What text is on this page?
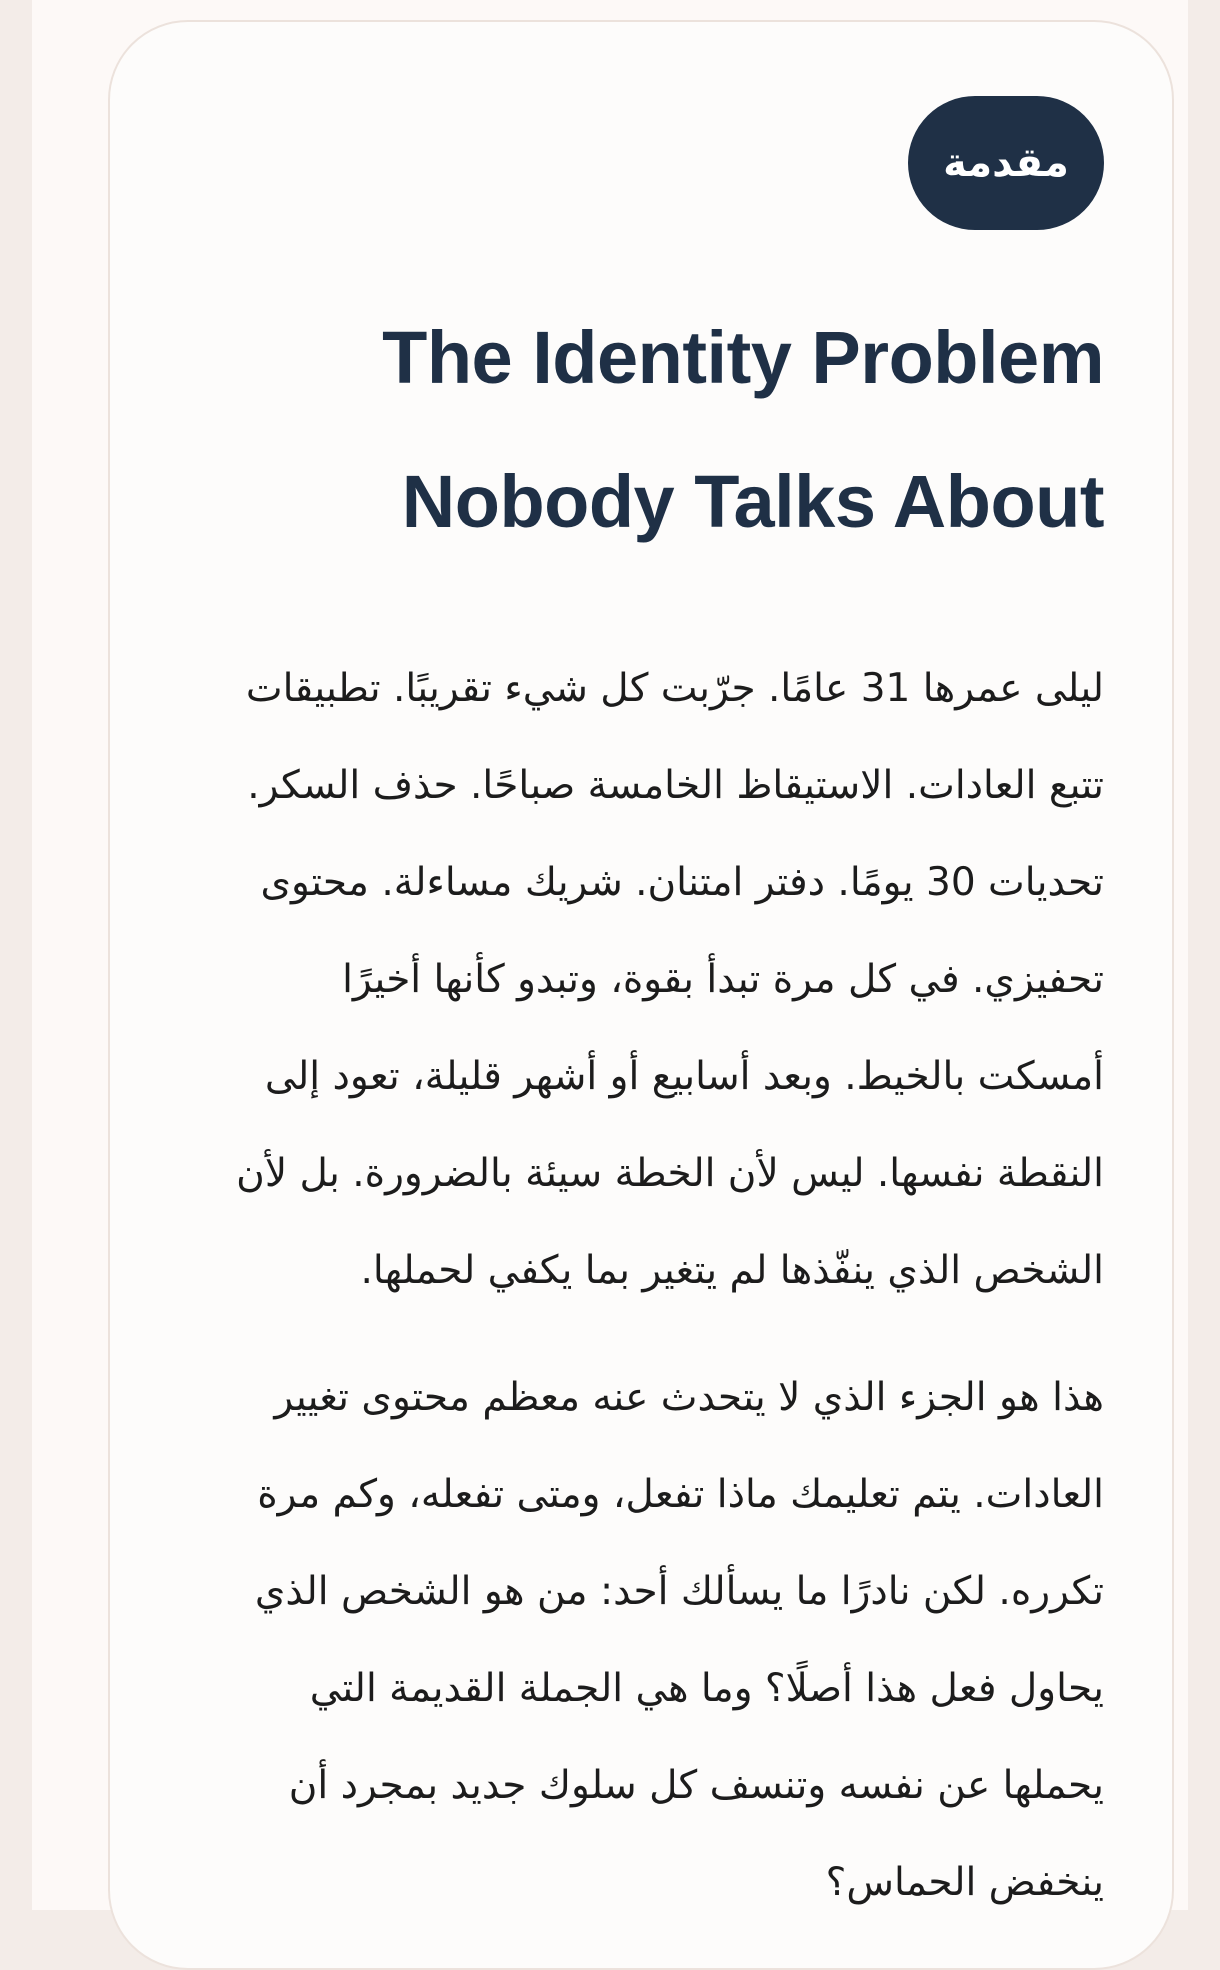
مقدمة
The Identity Problem
Nobody Talks About

ليلى عمرها 31 عامًا. جرّبت كل شيء تقريبًا. تطبيقات
تتبع العادات. الاستيقاظ الخامسة صباحًا. حذف السكر.
تحديات 30 يومًا. دفتر امتنان. شريك مساءلة. محتوى
تحفيزي. في كل مرة تبدأ بقوة، وتبدو كأنها أخيرًا
أمسكت بالخيط. وبعد أسابيع أو أشهر قليلة، تعود إلى
النقطة نفسها. ليس لأن الخطة سيئة بالضرورة. بل لأن
الشخص الذي ينفّذها لم يتغير بما يكفي لحملها.

هذا هو الجزء الذي لا يتحدث عنه معظم محتوى تغيير
العادات. يتم تعليمك ماذا تفعل، ومتى تفعله، وكم مرة
تكرره. لكن نادرًا ما يسألك أحد: من هو الشخص الذي
يحاول فعل هذا أصلًا؟ وما هي الجملة القديمة التي
يحملها عن نفسه وتنسف كل سلوك جديد بمجرد أن
ينخفض الحماس؟
